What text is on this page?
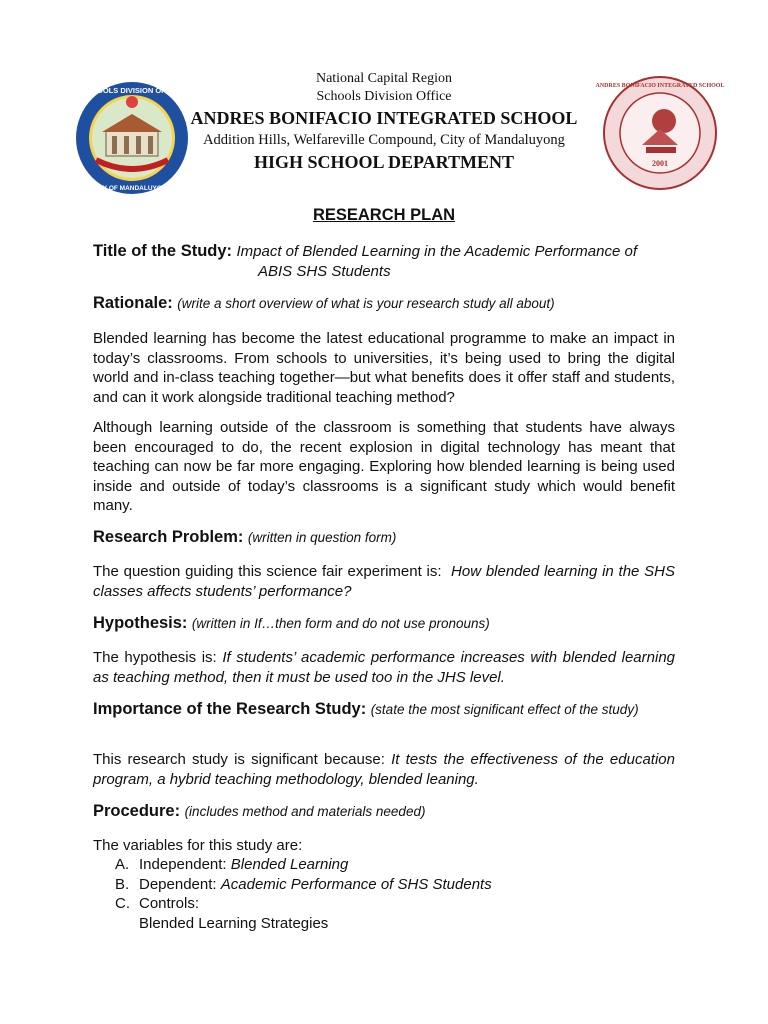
SCHOOLS DIVISION OFFICE
CITY OF MANDALUYONG
2001
ANDRES BONIFACIO INTEGRATED SCHOOL
National Capital Region
Schools Division Office
ANDRES BONIFACIO INTEGRATED SCHOOL
Addition Hills, Welfareville Compound, City of Mandaluyong
HIGH SCHOOL DEPARTMENT
RESEARCH PLAN
Title of the Study: Impact of Blended Learning in the Academic Performance of
ABIS SHS Students
Rationale: (write a short overview of what is your research study all about)
Blended learning has become the latest educational programme to make an impact in today’s classrooms. From schools to universities, it’s being used to bring the digital world and in-class teaching together—but what benefits does it offer staff and students, and can it work alongside traditional teaching method?
Although learning outside of the classroom is something that students have always been encouraged to do, the recent explosion in digital technology has meant that teaching can now be far more engaging. Exploring how blended learning is being used inside and outside of today’s classrooms is a significant study which would benefit many.
Research Problem: (written in question form)
The question guiding this science fair experiment is: How blended learning in the SHS classes affects students’ performance?
Hypothesis: (written in If…then form and do not use pronouns)
The hypothesis is: If students’ academic performance increases with blended learning as teaching method, then it must be used too in the JHS level.
Importance of the Research Study: (state the most significant effect of the study)
This research study is significant because: It tests the effectiveness of the education program, a hybrid teaching methodology, blended leaning.
Procedure: (includes method and materials needed)
The variables for this study are:
A. Independent: Blended Learning
B. Dependent: Academic Performance of SHS Students
C. Controls:
Blended Learning Strategies
